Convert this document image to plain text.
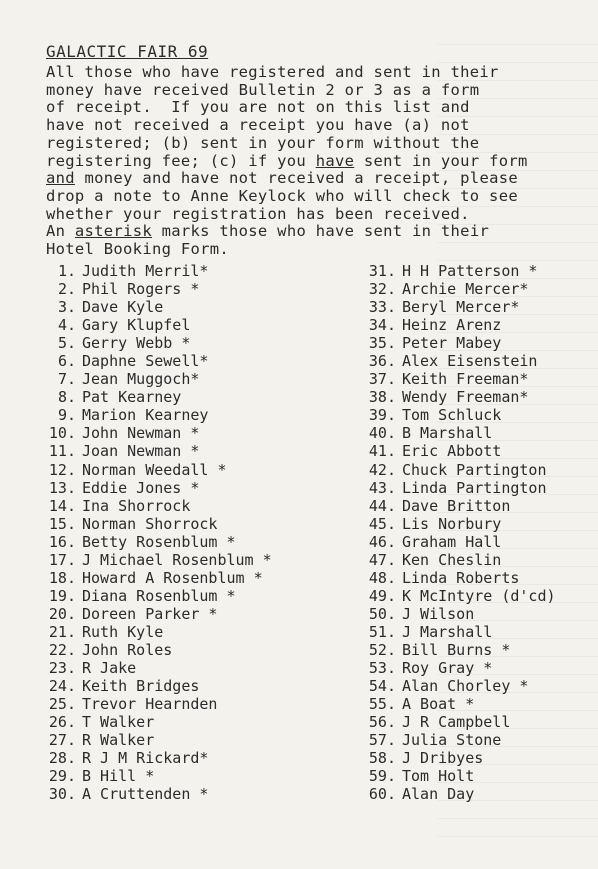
GALACTIC FAIR 69
All those who have registered and sent in their
money have received Bulletin 2 or 3 as a form
of receipt.  If you are not on this list and
have not received a receipt you have (a) not
registered; (b) sent in your form without the
registering fee; (c) if you have sent in your form
and money and have not received a receipt, please
drop a note to Anne Keylock who will check to see
whether your registration has been received.
An asterisk marks those who have sent in their
Hotel Booking Form.
1. Judith Merril*
2. Phil Rogers *
3. Dave Kyle
4. Gary Klupfel
5. Gerry Webb *
6. Daphne Sewell*
7. Jean Muggoch*
8. Pat Kearney
9. Marion Kearney
10. John Newman *
11. Joan Newman *
12. Norman Weedall *
13. Eddie Jones *
14. Ina Shorrock
15. Norman Shorrock
16. Betty Rosenblum *
17. J Michael Rosenblum *
18. Howard A Rosenblum *
19. Diana Rosenblum *
20. Doreen Parker *
21. Ruth Kyle
22. John Roles
23. R Jake
24. Keith Bridges
25. Trevor Hearnden
26. T Walker
27. R Walker
28. R J M Rickard*
29. B Hill *
30. A Cruttenden *
31. H H Patterson *
32. Archie Mercer*
33. Beryl Mercer*
34. Heinz Arenz
35. Peter Mabey
36. Alex Eisenstein
37. Keith Freeman*
38. Wendy Freeman*
39. Tom Schluck
40. B Marshall
41. Eric Abbott
42. Chuck Partington
43. Linda Partington
44. Dave Britton
45. Lis Norbury
46. Graham Hall
47. Ken Cheslin
48. Linda Roberts
49. K McIntyre (d'cd)
50. J Wilson
51. J Marshall
52. Bill Burns *
53. Roy Gray *
54. Alan Chorley *
55. A Boat *
56. J R Campbell
57. Julia Stone
58. J Dribyes
59. Tom Holt
60. Alan Day
